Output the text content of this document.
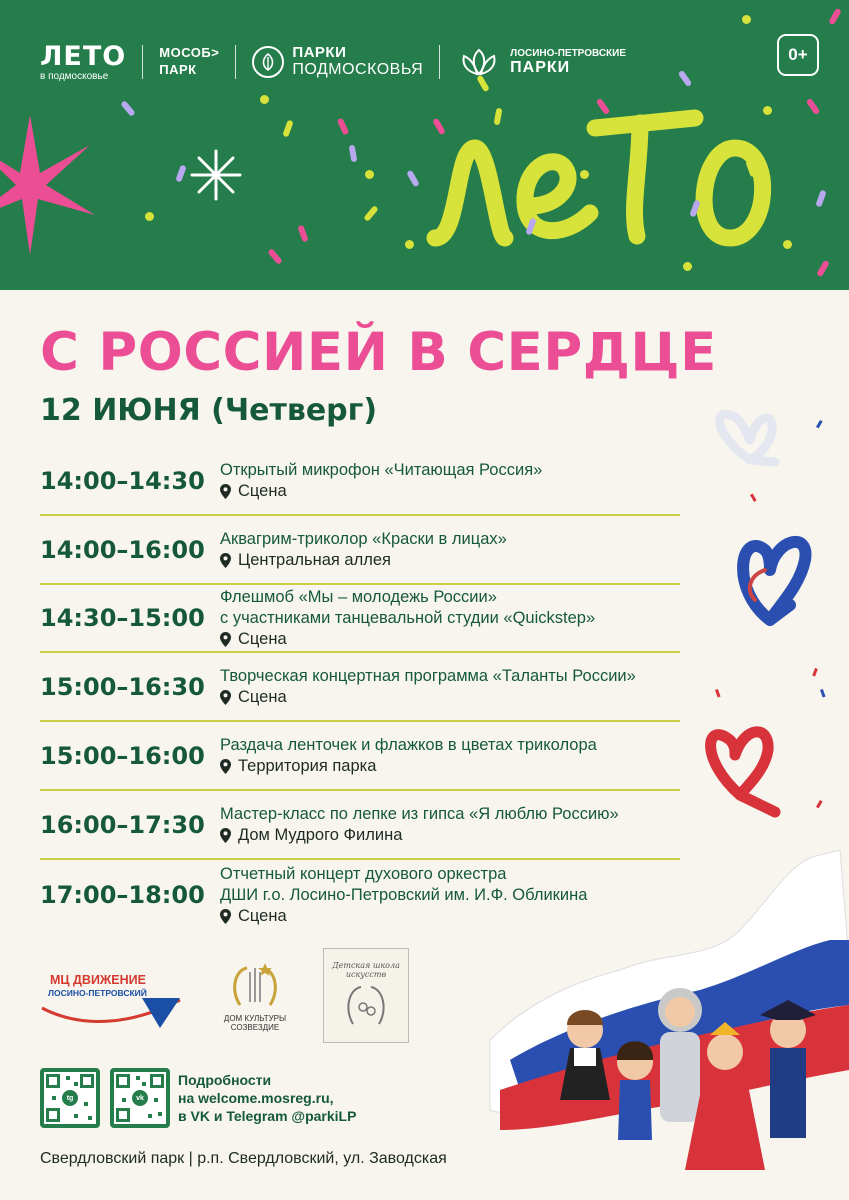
ЛЕТО
в подмосковье
МОСОБ>
ПАРК
ПАРКИ
ПОДМОСКОВЬЯ
ЛОСИНО-ПЕТРОВСКИЕ
ПАРКИ
0+
С РОССИЕЙ В СЕРДЦЕ
12 ИЮНЯ (Четверг)
14:00–14:30 Открытый микрофон «Читающая Россия»
Сцена
14:00–16:00 Аквагрим-триколор «Краски в лицах»
Центральная аллея
14:30–15:00
Флешмоб «Мы – молодежь России»
с участниками танцевальной студии «Quickstep»
Сцена
15:00–16:30 Творческая концертная программа «Таланты России»
Сцена
15:00–16:00 Раздача ленточек и флажков в цветах триколора
Территория парка
16:00–17:30 Мастер-класс по лепке из гипса «Я люблю Россию»
Дом Мудрого Филина
17:00–18:00
Отчетный концерт духового оркестра
ДШИ г.о. Лосино-Петровский им. И.Ф. Обликина
Сцена
МЦ ДВИЖЕНИЕ
ЛОСИНО-ПЕТРОВСКИЙ
ДОМ КУЛЬТУРЫ СОЗВЕЗДИЕ
Детская школа искусств
tg	vk
Подробности
на welcome.mosreg.ru,
в VK и Telegram @parkiLP
Свердловский парк | р.п. Свердловский, ул. Заводская
